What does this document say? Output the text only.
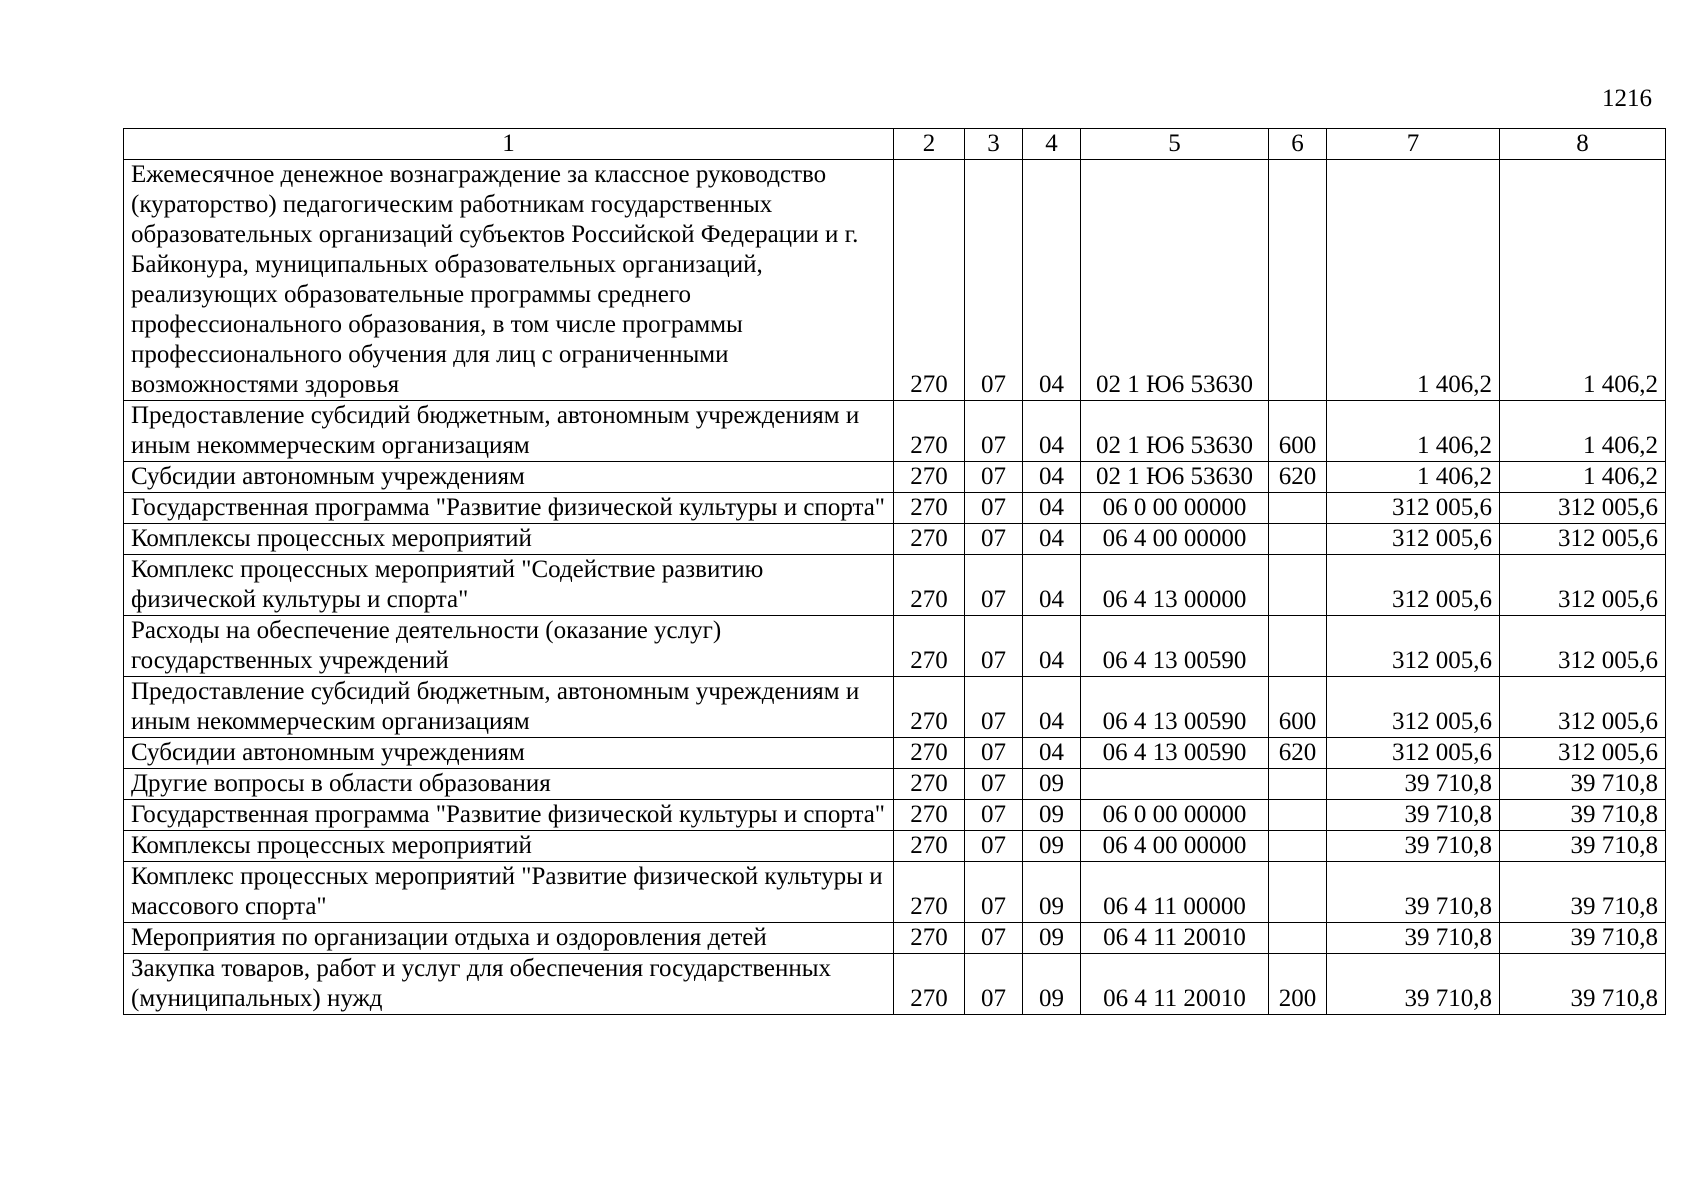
1216
1	2	3	4	5	6	7	8
Ежемесячное денежное вознаграждение за классное руководство (кураторство) педагогическим работникам государственных образовательных организаций субъектов Российской Федерации и г. Байконура, муниципальных образовательных организаций, реализующих образовательные программы среднего профессионального образования, в том числе программы профессионального обучения для лиц с ограниченными возможностями здоровья	270	07	04	02 1 Ю6 53630		1 406,2	1 406,2
Предоставление субсидий бюджетным, автономным учреждениям и иным некоммерческим организациям	270	07	04	02 1 Ю6 53630	600	1 406,2	1 406,2
Субсидии автономным учреждениям	270	07	04	02 1 Ю6 53630	620	1 406,2	1 406,2
Государственная программа "Развитие физической культуры и спорта"	270	07	04	06 0 00 00000		312 005,6	312 005,6
Комплексы процессных мероприятий	270	07	04	06 4 00 00000		312 005,6	312 005,6
Комплекс процессных мероприятий "Содействие развитию физической культуры и спорта"	270	07	04	06 4 13 00000		312 005,6	312 005,6
Расходы на обеспечение деятельности (оказание услуг) государственных учреждений	270	07	04	06 4 13 00590		312 005,6	312 005,6
Предоставление субсидий бюджетным, автономным учреждениям и иным некоммерческим организациям	270	07	04	06 4 13 00590	600	312 005,6	312 005,6
Субсидии автономным учреждениям	270	07	04	06 4 13 00590	620	312 005,6	312 005,6
Другие вопросы в области образования	270	07	09			39 710,8	39 710,8
Государственная программа "Развитие физической культуры и спорта"	270	07	09	06 0 00 00000		39 710,8	39 710,8
Комплексы процессных мероприятий	270	07	09	06 4 00 00000		39 710,8	39 710,8
Комплекс процессных мероприятий "Развитие физической культуры и массового спорта"	270	07	09	06 4 11 00000		39 710,8	39 710,8
Мероприятия по организации отдыха и оздоровления детей	270	07	09	06 4 11 20010		39 710,8	39 710,8
Закупка товаров, работ и услуг для обеспечения государственных (муниципальных) нужд	270	07	09	06 4 11 20010	200	39 710,8	39 710,8
